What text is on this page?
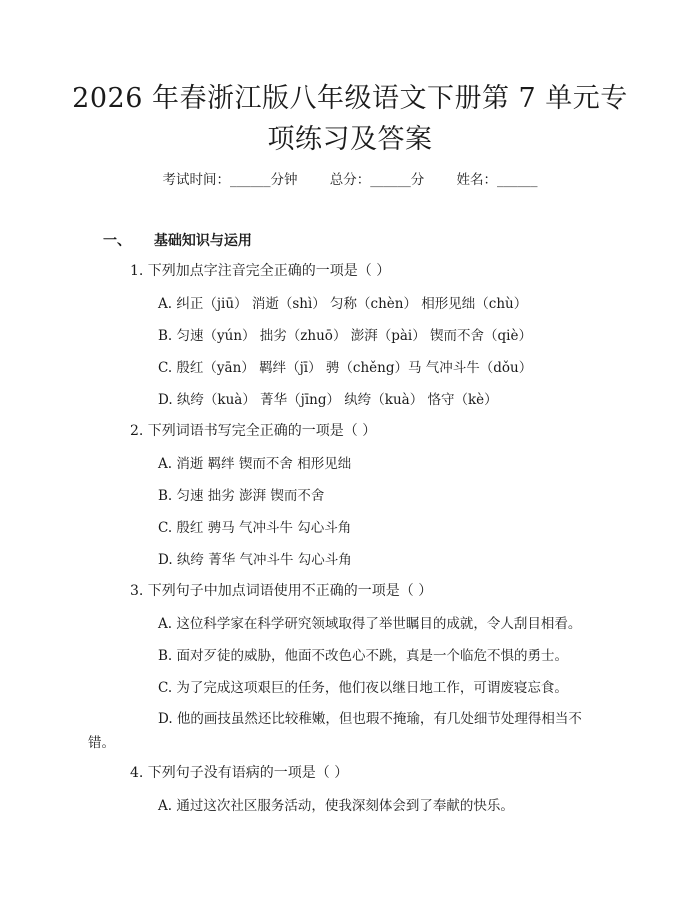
2026 年春浙江版八年级语文下册第 7 单元专
项练习及答案
考试时间：______分钟 总分：______分 姓名：______
一、 基础知识与运用
1. 下列加点字注音完全正确的一项是（ ）
A. 纠正（jiū） 消逝（shì） 匀称（chèn） 相形见绌（chù）
B. 匀速（yún） 拙劣（zhuō） 澎湃（pài） 锲而不舍（qiè）
C. 殷红（yān） 羁绊（jī） 骋（chěng）马 气冲斗牛（dǒu）
D. 纨绔（kuà） 菁华（jīng） 纨绔（kuà） 恪守（kè）
2. 下列词语书写完全正确的一项是（ ）
A. 消逝 羁绊 锲而不舍 相形见绌
B. 匀速 拙劣 澎湃 锲而不舍
C. 殷红 骋马 气冲斗牛 勾心斗角
D. 纨绔 菁华 气冲斗牛 勾心斗角
3. 下列句子中加点词语使用不正确的一项是（ ）
A. 这位科学家在科学研究领域取得了举世瞩目的成就，令人刮目相看。
B. 面对歹徒的威胁，他面不改色心不跳，真是一个临危不惧的勇士。
C. 为了完成这项艰巨的任务，他们夜以继日地工作，可谓废寝忘食。
D. 他的画技虽然还比较稚嫩，但也瑕不掩瑜，有几处细节处理得相当不错。
4. 下列句子没有语病的一项是（ ）
A. 通过这次社区服务活动，使我深刻体会到了奉献的快乐。
